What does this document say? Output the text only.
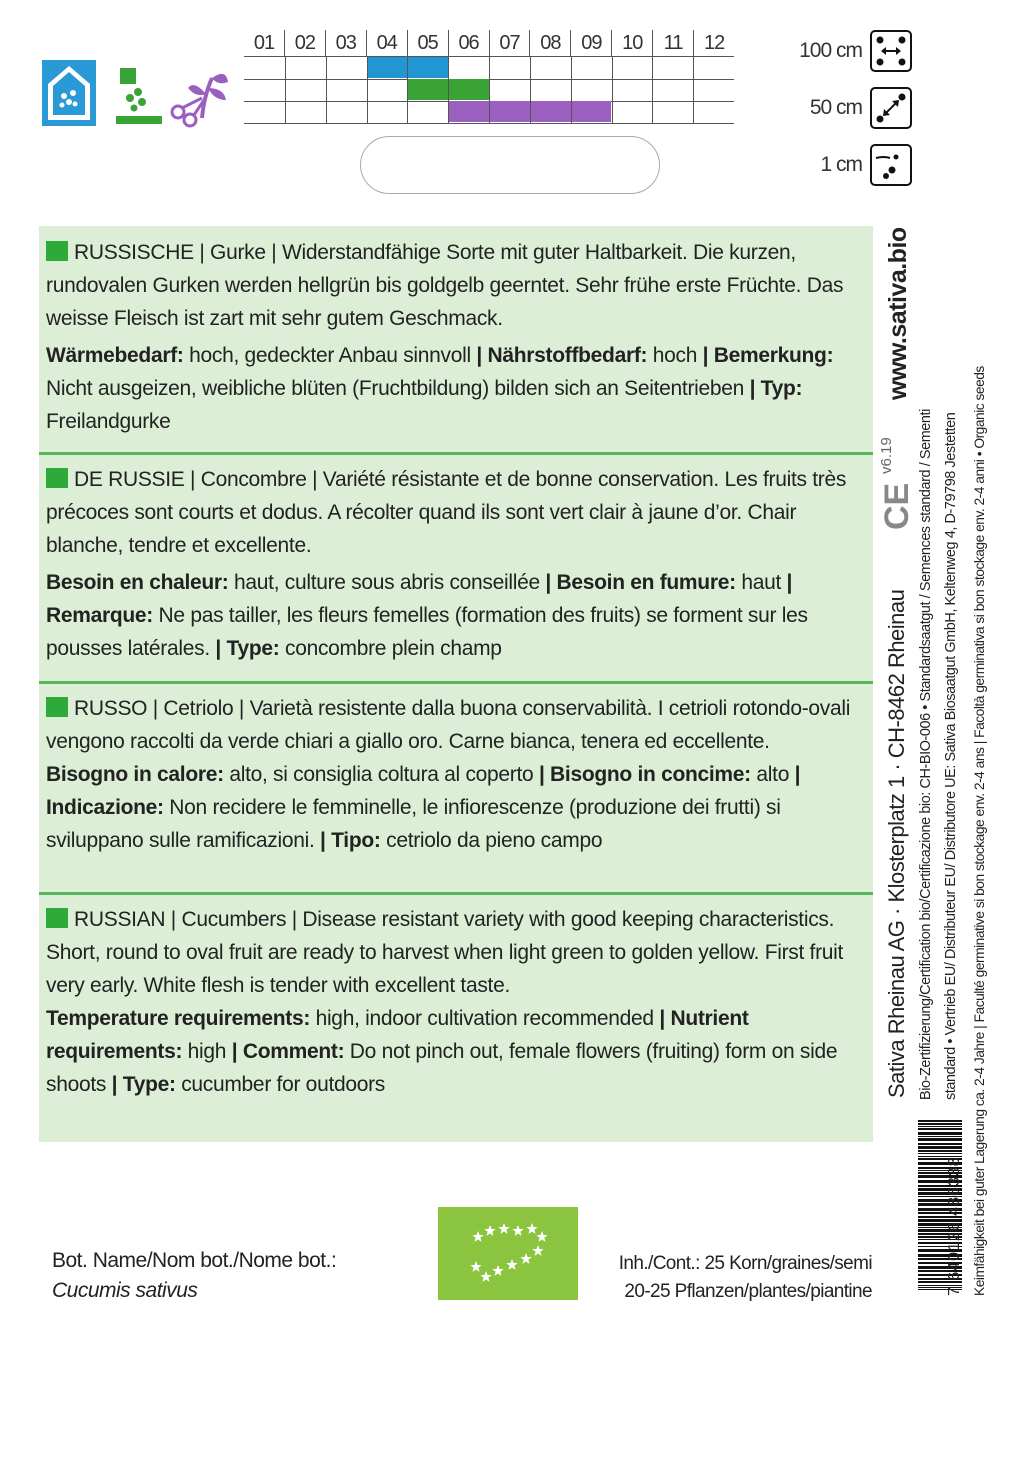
01	02	03	04	05	06	07	08	09	10	11	12	100 cm
50 cm
1 cm

RUSSISCHE | Gurke | Widerstandfähige Sorte mit guter Haltbarkeit. Die kurzen, rundovalen Gurken werden hellgrün bis goldgelb geerntet. Sehr frühe erste Früchte. Das weisse Fleisch ist zart mit sehr gutem Geschmack.

Wärmebedarf: hoch, gedeckter Anbau sinnvoll | Nährstoffbedarf: hoch | Bemerkung: Nicht ausgeizen, weibliche blüten (Fruchtbildung) bilden sich an Seitentrieben | Typ: Freilandgurke

DE RUSSIE | Concombre | Variété résistante et de bonne conservation. Les fruits très précoces sont courts et dodus. A récolter quand ils sont vert clair à jaune d’or. Chair blanche, tendre et excellente.

Besoin en chaleur: haut, culture sous abris conseillée | Besoin en fumure: haut | Remarque: Ne pas tailler, les fleurs femelles (formation des fruits) se forment sur les pousses latérales. | Type: concombre plein champ

RUSSO | Cetriolo | Varietà resistente dalla buona conservabilità. I cetrioli rotondo-ovali vengono raccolti da verde chiari a giallo oro. Carne bianca, tenera ed eccellente.

Bisogno in calore: alto, si consiglia coltura al coperto | Bisogno in concime: alto | Indicazione: Non recidere le femminelle, le infiorescenze (produzione dei frutti) si sviluppano sulle ramificazioni. | Tipo: cetriolo da pieno campo

RUSSIAN | Cucumbers | Disease resistant variety with good keeping characteristics. Short, round to oval fruit are ready to harvest when light green to golden yellow. First fruit very early. White flesh is tender with excellent taste.

Temperature requirements: high, indoor cultivation recommended | Nutrient requirements: high | Comment: Do not pinch out, female flowers (fruiting) form on side shoots | Type: cucumber for outdoors

www.sativa.bio
v6.19
CE
Sativa Rheinau AG · Klosterplatz 1 · CH-8462 Rheinau Bio-Zertifizierung/Certification bio/Certificazione bio: CH-BIO-006 • Standardsaatgut / Semences standard / Sementi standard • Vertrieb EU/ Distributeur EU/ Distributore UE: Sativa Biosaatgut GmbH, Keltenweg 4, D-79798 Jestetten Keimfähigkeit bei guter Lagerung ca. 2-4 Jahre | Faculté germinative si bon stockage env. 2-4 ans | Facoltà germinativa si bon stockage env. 2-4 anni • Organic seeds
7 640126 486338
Bot. Name/Nom bot./Nome bot.:
Cucumis sativus
Inh./Cont.: 25 Korn/graines/semi
20-25 Pflanzen/plantes/piantine
